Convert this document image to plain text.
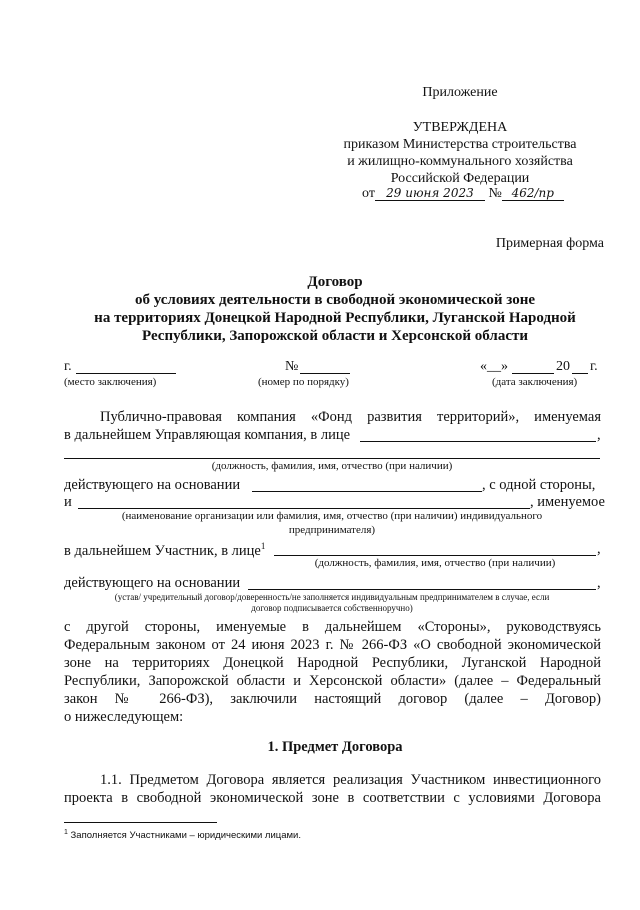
Приложение
УТВЕРЖДЕНА
приказом Министерства строительства
и жилищно-коммунального хозяйства
Российской Федерации
от 29 июня 2023 № 462/пр
Примерная форма
Договор
об условиях деятельности в свободной экономической зоне
на территориях Донецкой Народной Республики, Луганской Народной
Республики, Запорожской области и Херсонской области
г.
(место заключения)
№
(номер по порядку)
«__»	20 г.
(дата заключения)
Публично-правовая компания «Фонд развития территорий», именуемая
в дальнейшем Управляющая компания, в лице	,
(должность, фамилия, имя, отчество (при наличии)
действующего на основании	, с одной стороны,
и	, именуемое
(наименование организации или фамилия, имя, отчество (при наличии) индивидуального
предпринимателя)
в дальнейшем Участник, в лице$^1$	,
(должность, фамилия, имя, отчество (при наличии)
действующего на основании	,
(устав/ учредительный договор/доверенность/не заполняется индивидуальным предпринимателем в случае, если
договор подписывается собственноручно)
с другой стороны, именуемые в дальнейшем «Стороны», руководствуясь
Федеральным законом от 24 июня 2023 г. № 266-ФЗ «О свободной экономической
зоне на территориях Донецкой Народной Республики, Луганской Народной
Республики, Запорожской области и Херсонской области» (далее – Федеральный
закон № 266-ФЗ), заключили настоящий договор (далее – Договор)
о нижеследующем:
1. Предмет Договора
1.1. Предметом Договора является реализация Участником инвестиционного
проекта в свободной экономической зоне в соответствии с условиями Договора
$^1$ Заполняется Участниками – юридическими лицами.
